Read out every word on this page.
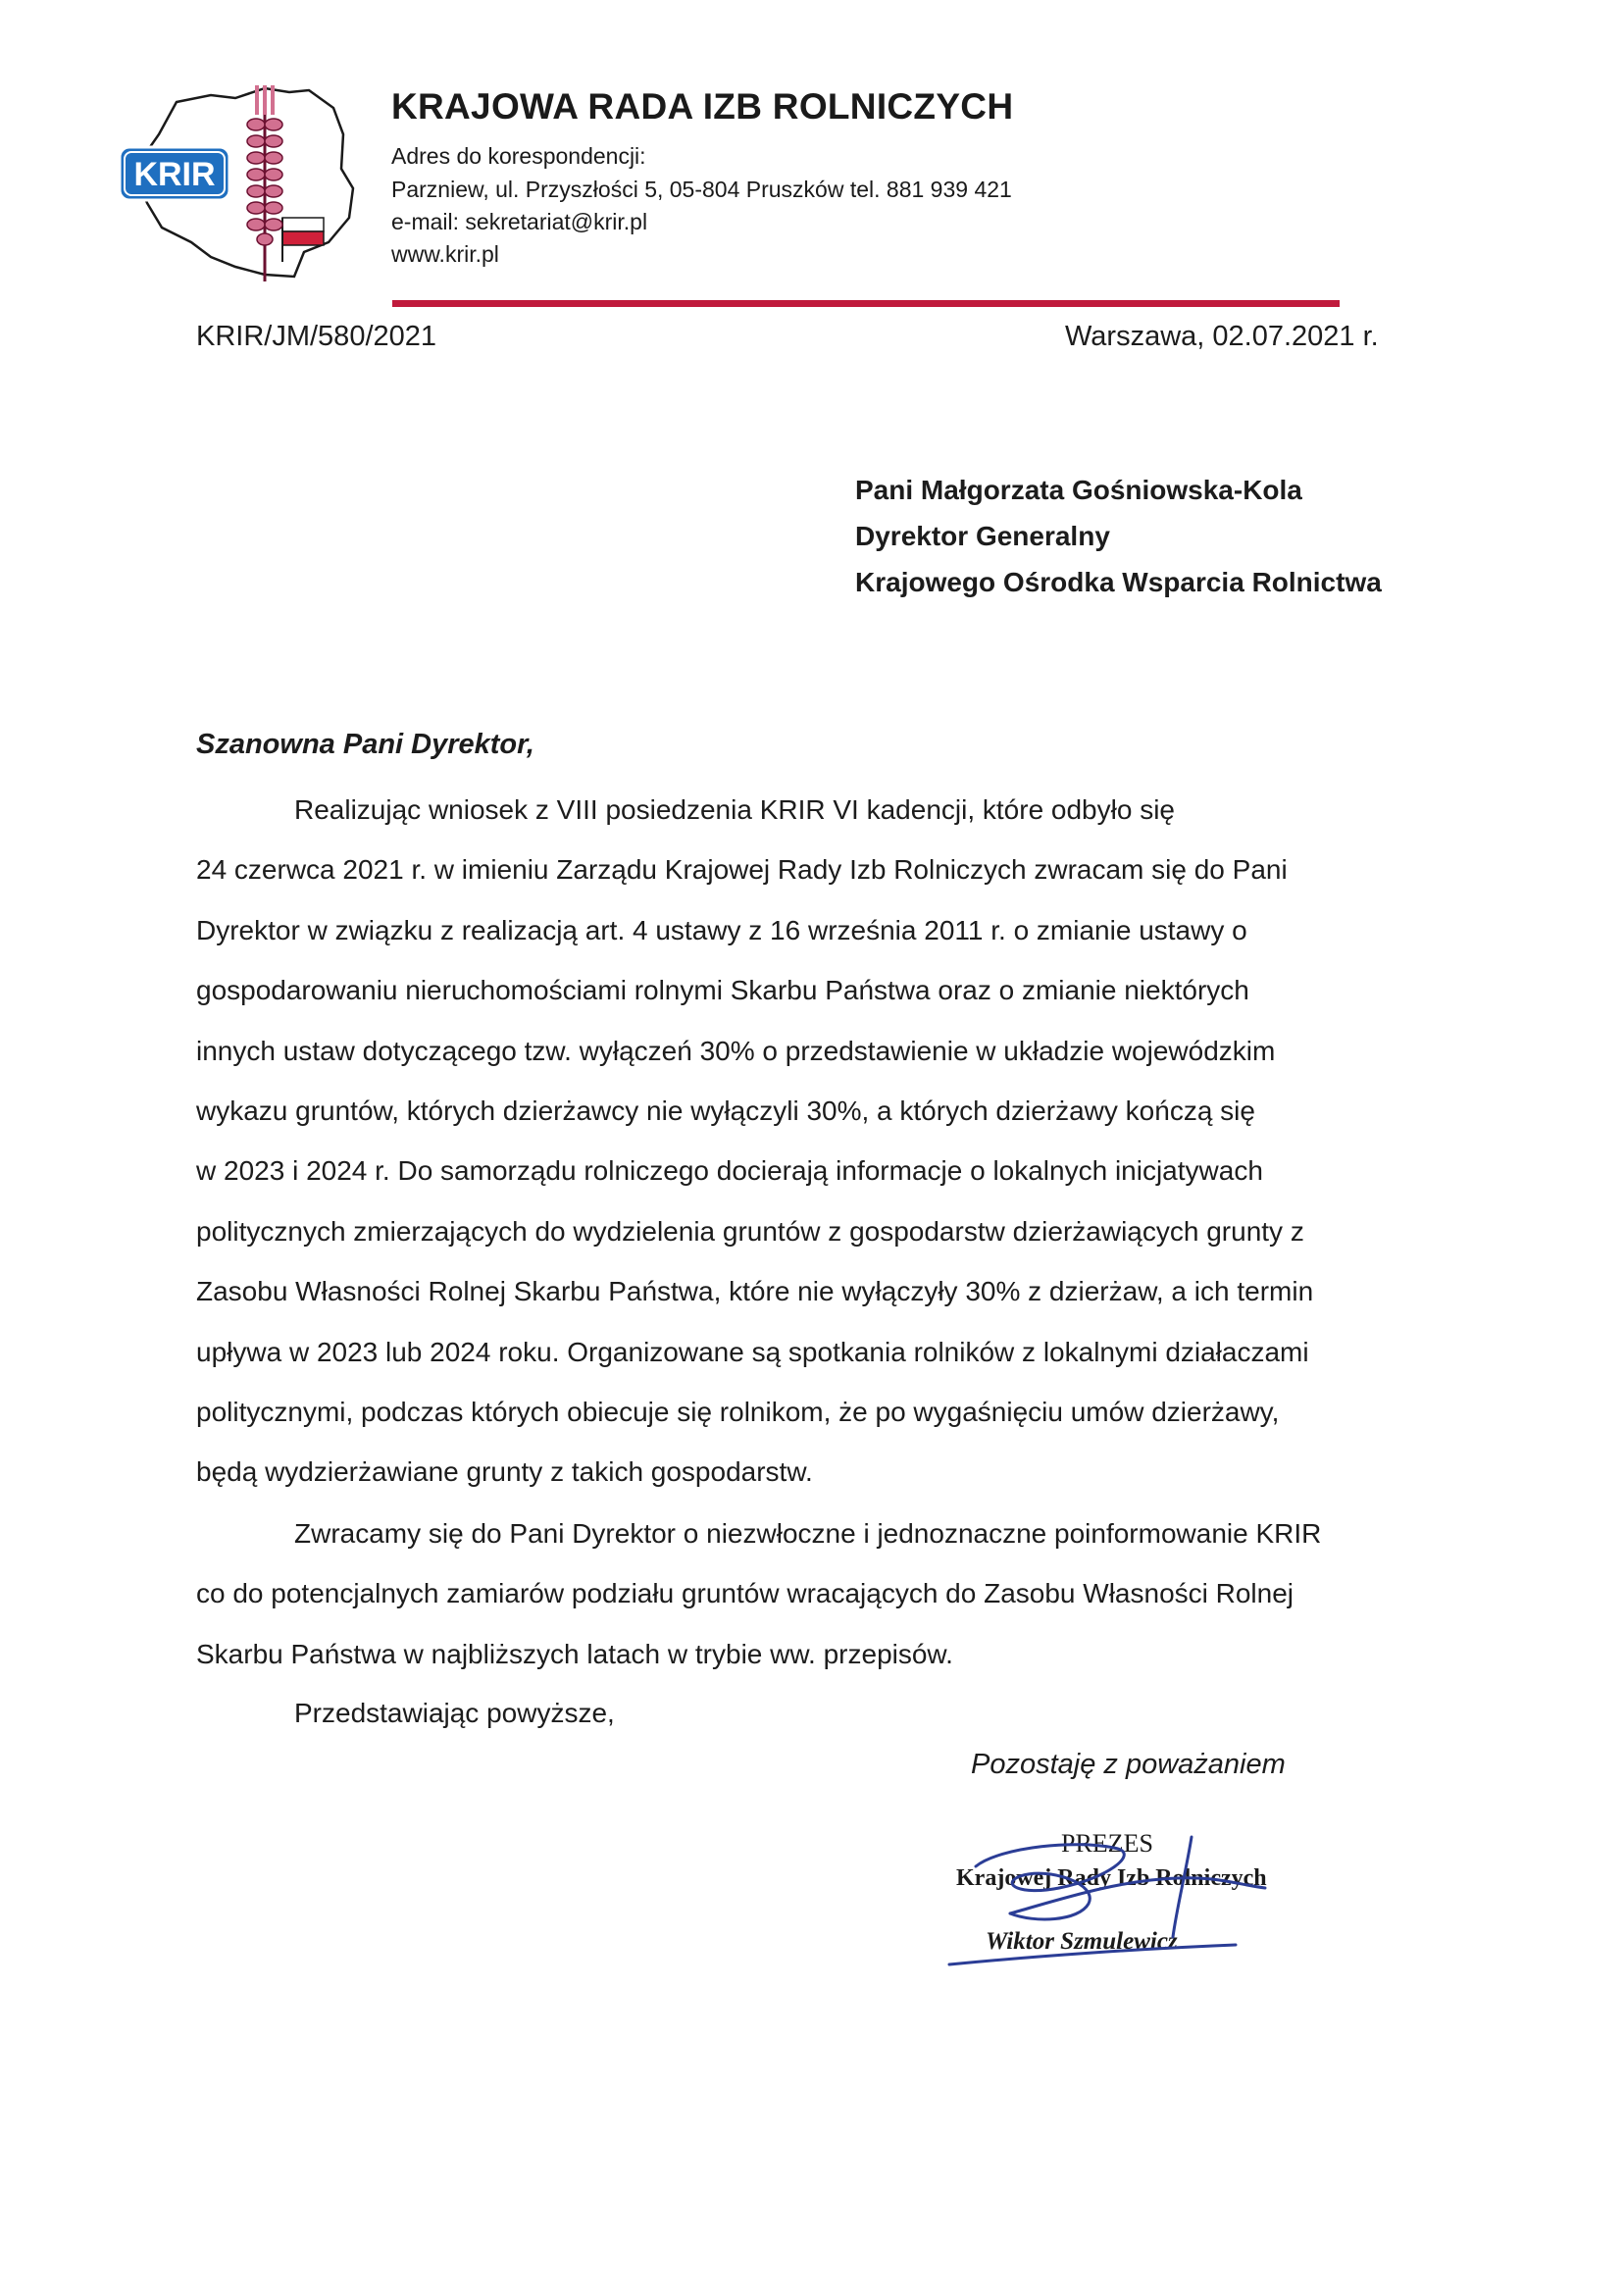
KRIR
KRAJOWA RADA IZB ROLNICZYCH
Adres do korespondencji:
Parzniew, ul. Przyszłości 5, 05-804 Pruszków tel. 881 939 421
e-mail: sekretariat@krir.pl
www.krir.pl
KRIR/JM/580/2021	Warszawa, 02.07.2021 r.
Pani Małgorzata Gośniowska-Kola
Dyrektor Generalny
Krajowego Ośrodka Wsparcia Rolnictwa
Szanowna Pani Dyrektor,
Realizując wniosek z VIII posiedzenia KRIR VI kadencji, które odbyło się
24 czerwca 2021 r. w imieniu Zarządu Krajowej Rady Izb Rolniczych zwracam się do Pani
Dyrektor w związku z realizacją art. 4 ustawy z 16 września 2011 r. o zmianie ustawy o
gospodarowaniu nieruchomościami rolnymi Skarbu Państwa oraz o zmianie niektórych
innych ustaw dotyczącego tzw. wyłączeń 30% o przedstawienie w układzie wojewódzkim
wykazu gruntów, których dzierżawcy nie wyłączyli 30%, a których dzierżawy kończą się
w 2023 i 2024 r. Do samorządu rolniczego docierają informacje o lokalnych inicjatywach
politycznych zmierzających do wydzielenia gruntów z gospodarstw dzierżawiących grunty z
Zasobu Własności Rolnej Skarbu Państwa, które nie wyłączyły 30% z dzierżaw, a ich termin
upływa w 2023 lub 2024 roku. Organizowane są spotkania rolników z lokalnymi działaczami
politycznymi, podczas których obiecuje się rolnikom, że po wygaśnięciu umów dzierżawy,
będą wydzierżawiane grunty z takich gospodarstw.
Zwracamy się do Pani Dyrektor o niezwłoczne i jednoznaczne poinformowanie KRIR
co do potencjalnych zamiarów podziału gruntów wracających do Zasobu Własności Rolnej
Skarbu Państwa w najbliższych latach w trybie ww. przepisów.
Przedstawiając powyższe,
Pozostaję z poważaniem
PREZES
Krajowej Rady Izb Rolniczych
Wiktor Szmulewicz
